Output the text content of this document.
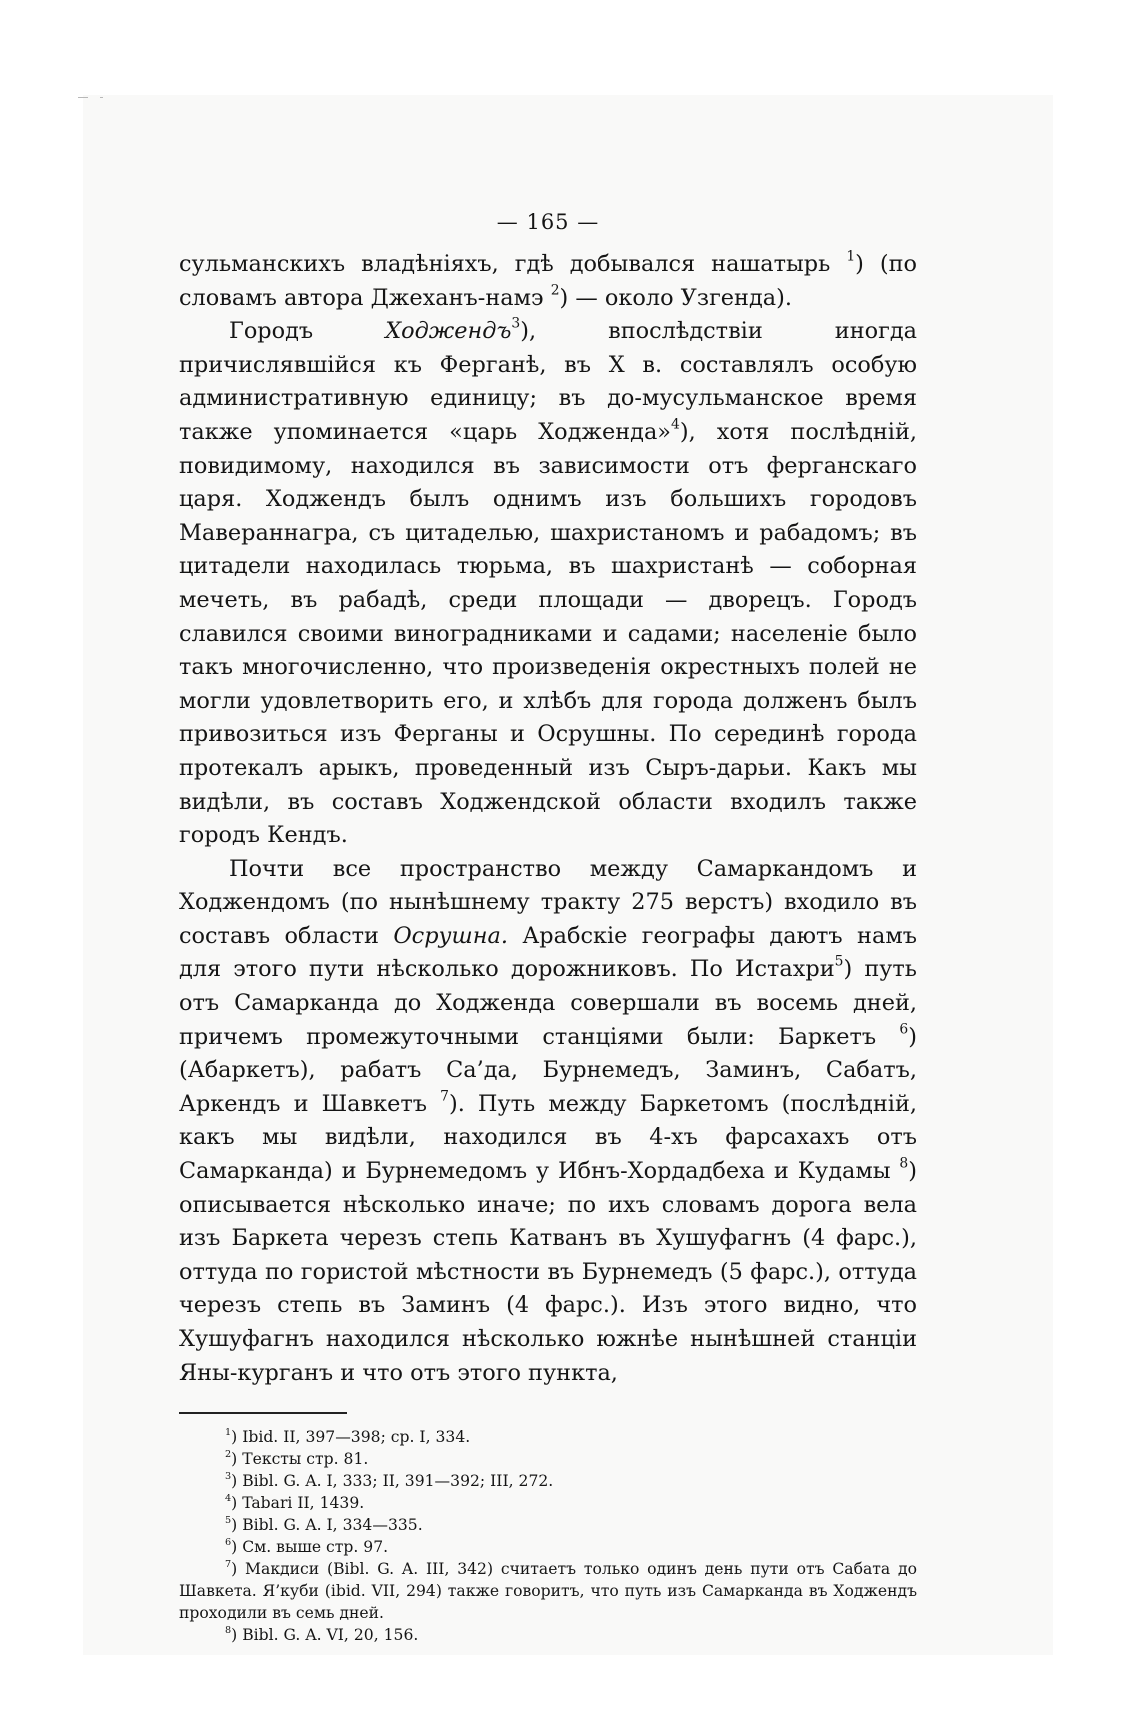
— 165 —

сульманскихъ владѣніяхъ, гдѣ добывался нашатырь $^1$) (по словамъ автора Джеханъ-намэ $^2$) — около Узгенда).

Городъ Ходжендъ$^3$), впослѣдствіи иногда причислявшійся къ Ферганѣ, въ X в. составлялъ особую административную единицу; въ до-мусульманское время также упоминается «царь Ходженда»$^4$), хотя послѣдній, повидимому, находился въ зависимости отъ ферганскаго царя. Ходжендъ былъ однимъ изъ большихъ городовъ Мавераннагра, съ цитаделью, шахристаномъ и рабадомъ; въ цитадели находилась тюрьма, въ шахристанѣ — соборная мечеть, въ рабадѣ, среди площади — дворецъ. Городъ славился своими виноградниками и садами; населеніе было такъ многочисленно, что произведенія окрестныхъ полей не могли удовлетворить его, и хлѣбъ для города долженъ былъ привозиться изъ Ферганы и Осрушны. По серединѣ города протекалъ арыкъ, проведенный изъ Сыръ-дарьи. Какъ мы видѣли, въ составъ Ходжендской области входилъ также городъ Кендъ.

Почти все пространство между Самаркандомъ и Ходжендомъ (по нынѣшнему тракту 275 верстъ) входило въ составъ области Осрушна. Арабскіе географы даютъ намъ для этого пути нѣсколько дорожниковъ. По Истахри$^5$) путь отъ Самарканда до Ходженда совершали въ восемь дней, причемъ промежуточными станціями были: Баркетъ $^6$) (Абаркетъ), рабатъ Са’да, Бурнемедъ, Заминъ, Сабатъ, Аркендъ и Шавкетъ $^7$). Путь между Баркетомъ (послѣдній, какъ мы видѣли, находился въ 4-хъ фарсахахъ отъ Самарканда) и Бурнемедомъ у Ибнъ-Хордадбеха и Кудамы $^8$) описывается нѣсколько иначе; по ихъ словамъ дорога вела изъ Баркета черезъ степь Катванъ въ Хушуфагнъ (4 фарс.), оттуда по гористой мѣстности въ Бурнемедъ (5 фарс.), оттуда черезъ степь въ Заминъ (4 фарс.). Изъ этого видно, что Хушуфагнъ находился нѣсколько южнѣе нынѣшней станціи Яны-курганъ и что отъ этого пункта,

$^1$) Ibid. II, 397—398; ср. I, 334.
$^2$) Тексты стр. 81.
$^3$) Bibl. G. A. I, 333; II, 391—392; III, 272.
$^4$) Tabari II, 1439.
$^5$) Bibl. G. A. I, 334—335.
$^6$) См. выше стр. 97.
$^7$) Макдиси (Bibl. G. A. III, 342) считаетъ только одинъ день пути отъ Сабата до Шавкета. Я’куби (ibid. VII, 294) также говоритъ, что путь изъ Самарканда въ Ходжендъ проходили въ семь дней.
$^8$) Bibl. G. A. VI, 20, 156.
